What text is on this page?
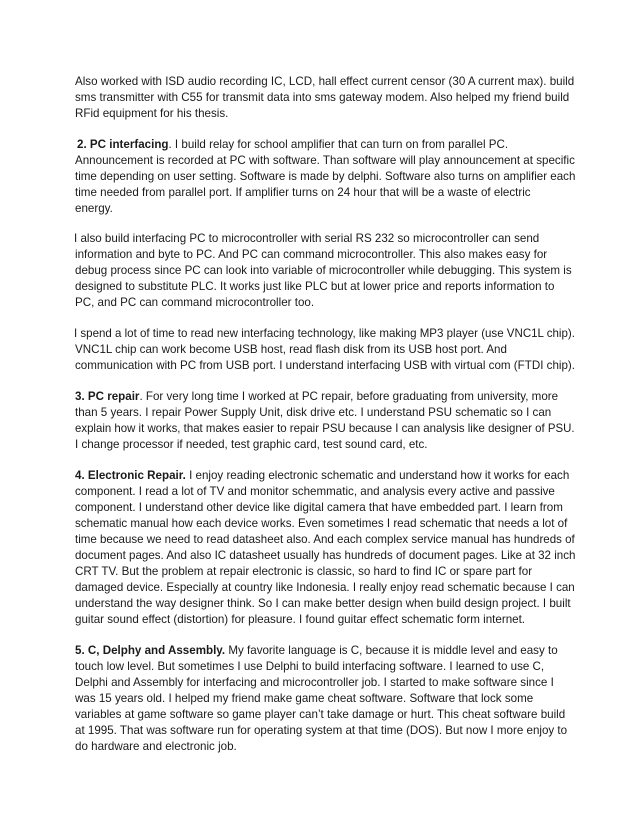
Also worked with ISD audio recording IC, LCD, hall effect current censor (30 A current max). build
sms transmitter with C55 for transmit data into sms gateway modem. Also helped my friend build
RFid equipment for his thesis.
2. PC interfacing. I build relay for school amplifier that can turn on from parallel PC.
Announcement is recorded at PC with software. Than software will play announcement at specific
time depending on user setting. Software is made by delphi. Software also turns on amplifier each
time needed from parallel port. If amplifier turns on 24 hour that will be a waste of electric
energy.
I also build interfacing PC to microcontroller with serial RS 232 so microcontroller can send
information and byte to PC. And PC can command microcontroller. This also makes easy for
debug process since PC can look into variable of microcontroller while debugging. This system is
designed to substitute PLC. It works just like PLC but at lower price and reports information to
PC, and PC can command microcontroller too.
I spend a lot of time to read new interfacing technology, like making MP3 player (use VNC1L chip).
VNC1L chip can work become USB host, read flash disk from its USB host port. And
communication with PC from USB port. I understand interfacing USB with virtual com (FTDI chip).
3. PC repair. For very long time I worked at PC repair, before graduating from university, more
than 5 years. I repair Power Supply Unit, disk drive etc. I understand PSU schematic so I can
explain how it works, that makes easier to repair PSU because I can analysis like designer of PSU.
I change processor if needed, test graphic card, test sound card, etc.
4. Electronic Repair. I enjoy reading electronic schematic and understand how it works for each
component. I read a lot of TV and monitor schemmatic, and analysis every active and passive
component. I understand other device like digital camera that have embedded part. I learn from
schematic manual how each device works. Even sometimes I read schematic that needs a lot of
time because we need to read datasheet also. And each complex service manual has hundreds of
document pages. And also IC datasheet usually has hundreds of document pages. Like at 32 inch
CRT TV. But the problem at repair electronic is classic, so hard to find IC or spare part for
damaged device. Especially at country like Indonesia. I really enjoy read schematic because I can
understand the way designer think. So I can make better design when build design project. I built
guitar sound effect (distortion) for pleasure. I found guitar effect schematic form internet.
5. C, Delphy and Assembly. My favorite language is C, because it is middle level and easy to
touch low level. But sometimes I use Delphi to build interfacing software. I learned to use C,
Delphi and Assembly for interfacing and microcontroller job. I started to make software since I
was 15 years old. I helped my friend make game cheat software. Software that lock some
variables at game software so game player can’t take damage or hurt. This cheat software build
at 1995. That was software run for operating system at that time (DOS). But now I more enjoy to
do hardware and electronic job.
